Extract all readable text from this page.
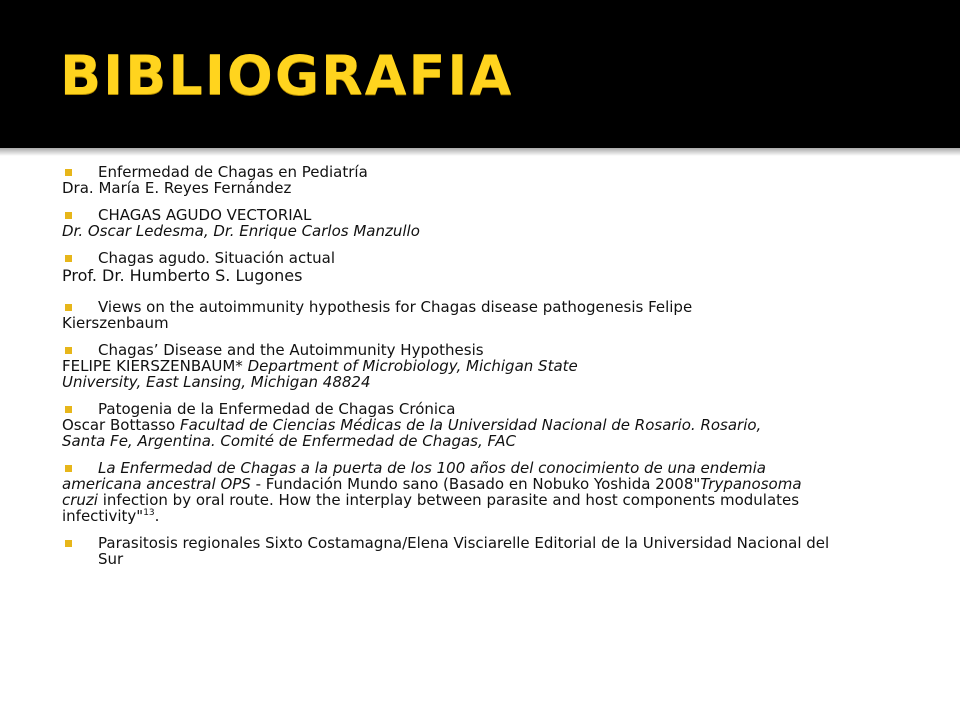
BIBLIOGRAFIA
Enfermedad de Chagas en Pediatría
Dra. María E. Reyes Fernández
CHAGAS AGUDO VECTORIAL
Dr. Oscar Ledesma, Dr. Enrique Carlos Manzullo
Chagas agudo. Situación actual
Prof. Dr. Humberto S. Lugones
Views on the autoimmunity hypothesis for Chagas disease pathogenesis Felipe
Kierszenbaum
Chagas’ Disease and the Autoimmunity Hypothesis
FELIPE KIERSZENBAUM* Department of Microbiology, Michigan State
University, East Lansing, Michigan 48824
Patogenia de la Enfermedad de Chagas Crónica
Oscar Bottasso Facultad de Ciencias Médicas de la Universidad Nacional de Rosario. Rosario,
Santa Fe, Argentina. Comité de Enfermedad de Chagas, FAC
La Enfermedad de Chagas a la puerta de los 100 años del conocimiento de una endemia
americana ancestral OPS - Fundación Mundo sano (Basado en Nobuko Yoshida 2008"Trypanosoma
cruzi infection by oral route. How the interplay between parasite and host components modulates
infectivity"$^{13}$.
Parasitosis regionales Sixto Costamagna/Elena Visciarelle Editorial de la Universidad Nacional del
Sur
